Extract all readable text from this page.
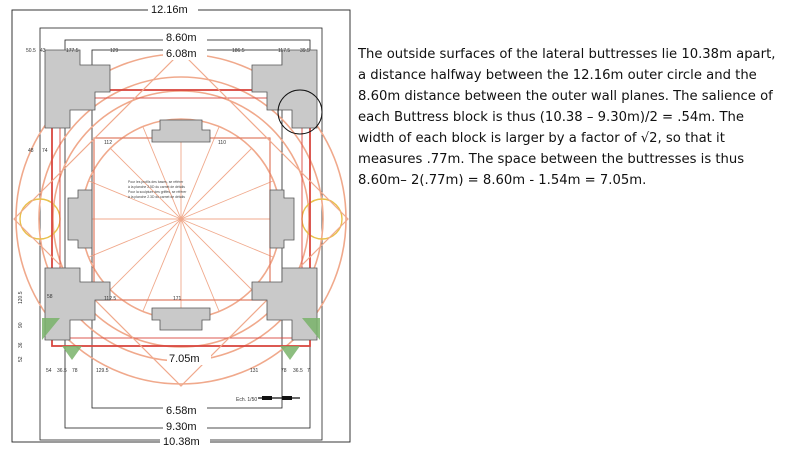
Ech. 1/50
12.16m
8.60m
6.08m
7.05m
6.58m
9.30m
10.38m
50.5 43	177.5	129	186.5	117.5 39.5
48 74
58
54 36.5 78	129.5	131	78 36.5 7
112
171
110
112.5
120.5
90
36
52
Pour les profils des bases, se référer
à la planche 2.5D du carnet de détails
Pour la sculpture des griffes, se référer
à la planche 2.3D du carnet de détails

The outside surfaces of the lateral buttresses lie 10.38m apart, a distance halfway between the 12.16m outer circle and the 8.60m distance between the outer wall planes. The salience of each Buttress block is thus (10.38 – 9.30m)/2 = .54m. The width of each block is larger by a factor of √2, so that it measures .77m. The space between the buttresses is thus 8.60m– 2(.77m) = 8.60m - 1.54m = 7.05m.
